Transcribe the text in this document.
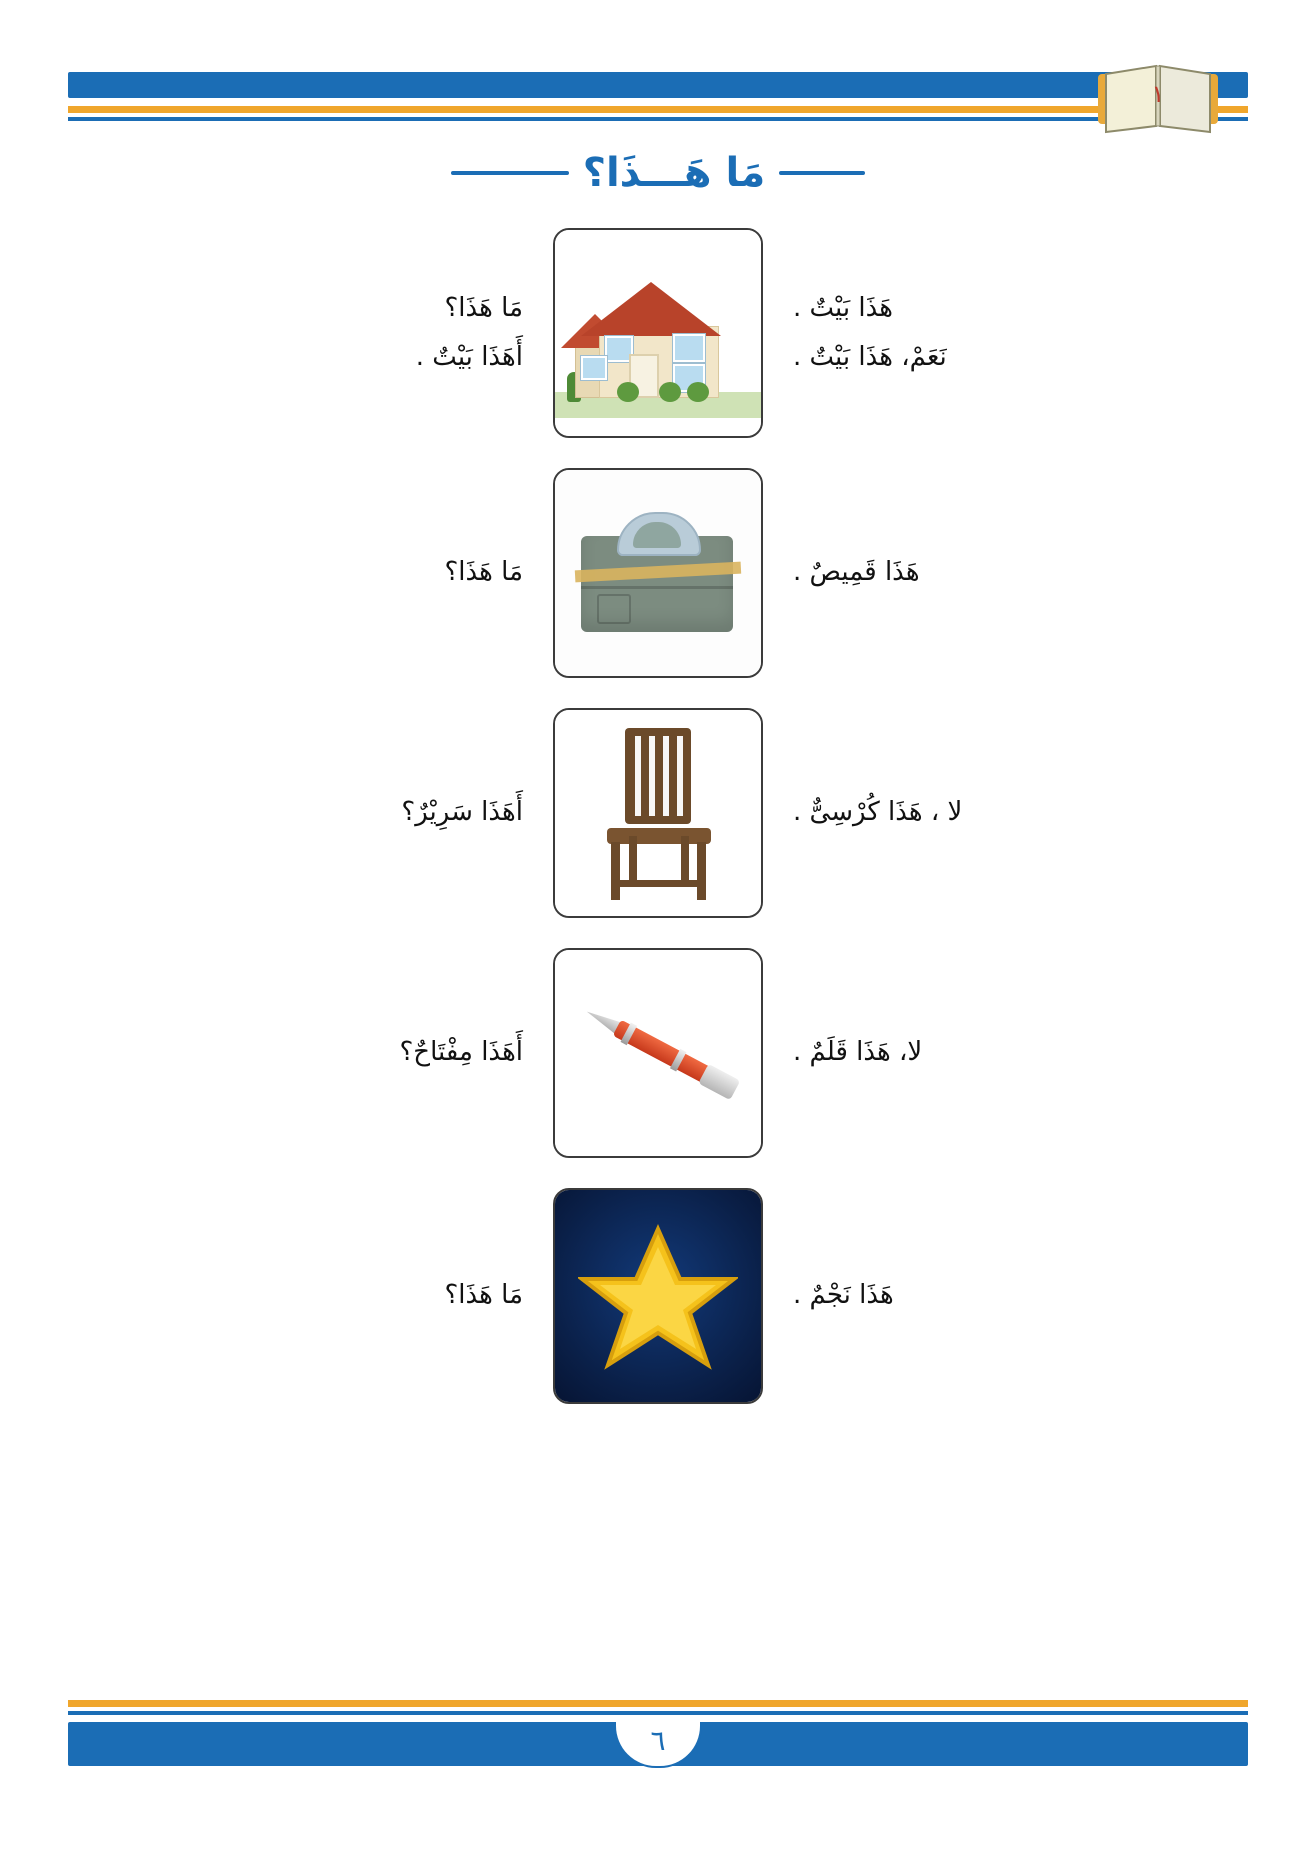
١
مَا هَـــذَا؟
هَذَا بَيْتٌ .
نَعَمْ، هَذَا بَيْتٌ .
مَا هَذَا؟
أَهَذَا بَيْتٌ .
هَذَا قَمِيصٌ .
مَا هَذَا؟
لا ، هَذَا كُرْسِىٌّ .
أَهَذَا سَرِيْرٌ؟
لا، هَذَا قَلَمٌ .
أَهَذَا مِفْتَاحٌ؟
هَذَا نَجْمٌ .
مَا هَذَا؟
٦
